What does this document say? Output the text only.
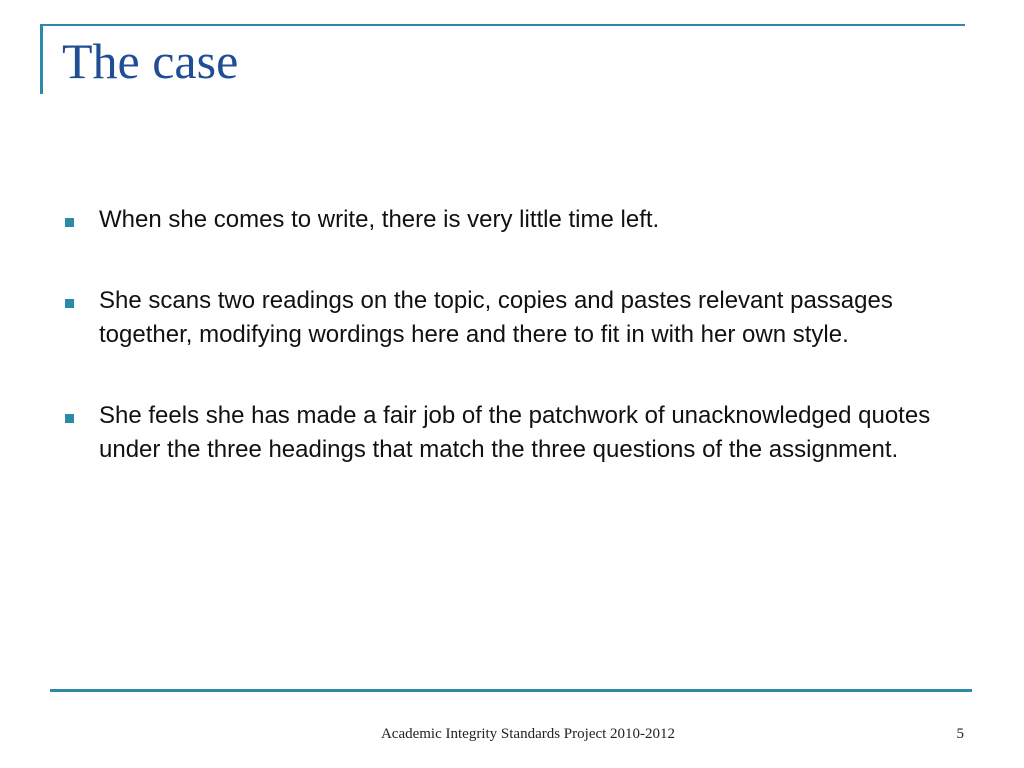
The case
When she comes to write, there is very little time left.
She scans two readings on the topic, copies and pastes relevant passages together, modifying wordings here and there to fit in with her own style.
She feels she has made a fair job of the patchwork of unacknowledged quotes under the three headings that match the three questions of the assignment.
Academic Integrity Standards Project 2010-2012	5
